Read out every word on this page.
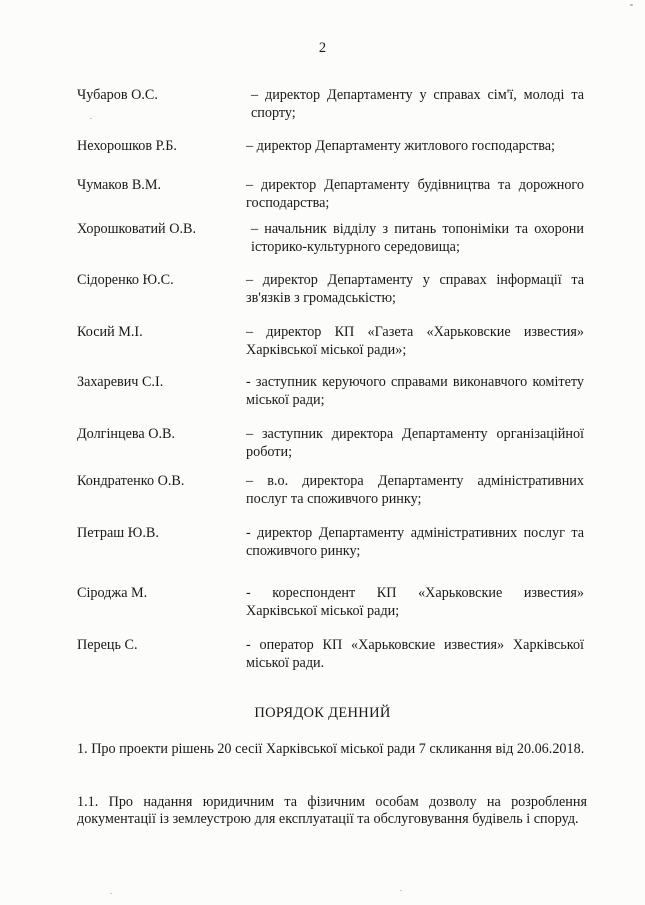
2
Чубаров О.С.	– директор Департаменту у справах сім'ї, молоді та спорту;
Нехорошков Р.Б.	– директор Департаменту житлового господарства;
Чумаков В.М.	– директор Департаменту будівництва та дорожного господарства;
Хорошковатий О.В.	– начальник відділу з питань топоніміки та охорони історико-культурного середовища;
Сідоренко Ю.С.	– директор Департаменту у справах інформації та зв'язків з громадськістю;
Косий М.І.	– директор КП «Газета «Харьковские известия» Харківської міської ради»;
Захаревич С.І.	- заступник керуючого справами виконавчого комітету міської ради;
Долгінцева О.В.	– заступник директора Департаменту організаційної роботи;
Кондратенко О.В.	– в.о. директора Департаменту адміністративних послуг та споживчого ринку;
Петраш Ю.В.	- директор Департаменту адміністративних послуг та споживчого ринку;
Сіроджа М.	- кореспондент КП «Харьковские известия» Харківської міської ради;
Перець С.	- оператор КП «Харьковские известия» Харківської міської ради.
ПОРЯДОК ДЕННИЙ
1. Про проекти рішень 20 сесії Харківської міської ради 7 скликання від 20.06.2018.
1.1. Про надання юридичним та фізичним особам дозволу на розроблення документації із землеустрою для експлуатації та обслуговування будівель і споруд.
